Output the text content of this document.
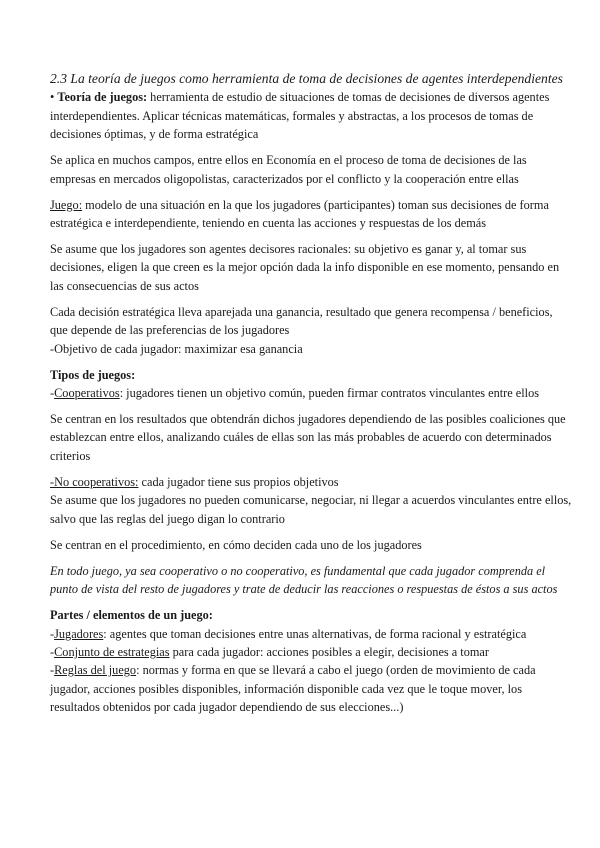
2.3 La teoría de juegos como herramienta de toma de decisiones de agentes interdependientes

• Teoría de juegos: herramienta de estudio de situaciones de tomas de decisiones de diversos agentes interdependientes. Aplicar técnicas matemáticas, formales y abstractas, a los procesos de tomas de decisiones óptimas, y de forma estratégica

Se aplica en muchos campos, entre ellos en Economía en el proceso de toma de decisiones de las empresas en mercados oligopolistas, caracterizados por el conflicto y la cooperación entre ellas

Juego: modelo de una situación en la que los jugadores (participantes) toman sus decisiones de forma estratégica e interdependiente, teniendo en cuenta las acciones y respuestas de los demás

Se asume que los jugadores son agentes decisores racionales: su objetivo es ganar y, al tomar sus decisiones, eligen la que creen es la mejor opción dada la info disponible en ese momento, pensando en las consecuencias de sus actos

Cada decisión estratégica lleva aparejada una ganancia, resultado que genera recompensa / beneficios, que depende de las preferencias de los jugadores

-Objetivo de cada jugador: maximizar esa ganancia

Tipos de juegos:

-Cooperativos: jugadores tienen un objetivo común, pueden firmar contratos vinculantes entre ellos

Se centran en los resultados que obtendrán dichos jugadores dependiendo de las posibles coaliciones que establezcan entre ellos, analizando cuáles de ellas son las más probables de acuerdo con determinados criterios

-No cooperativos: cada jugador tiene sus propios objetivos

Se asume que los jugadores no pueden comunicarse, negociar, ni llegar a acuerdos vinculantes entre ellos, salvo que las reglas del juego digan lo contrario

Se centran en el procedimiento, en cómo deciden cada uno de los jugadores

En todo juego, ya sea cooperativo o no cooperativo, es fundamental que cada jugador comprenda el punto de vista del resto de jugadores y trate de deducir las reacciones o respuestas de éstos a sus actos

Partes / elementos de un juego:

-Jugadores: agentes que toman decisiones entre unas alternativas, de forma racional y estratégica

-Conjunto de estrategias para cada jugador: acciones posibles a elegir, decisiones a tomar

-Reglas del juego: normas y forma en que se llevará a cabo el juego (orden de movimiento de cada jugador, acciones posibles disponibles, información disponible cada vez que le toque mover, los resultados obtenidos por cada jugador dependiendo de sus elecciones...)
